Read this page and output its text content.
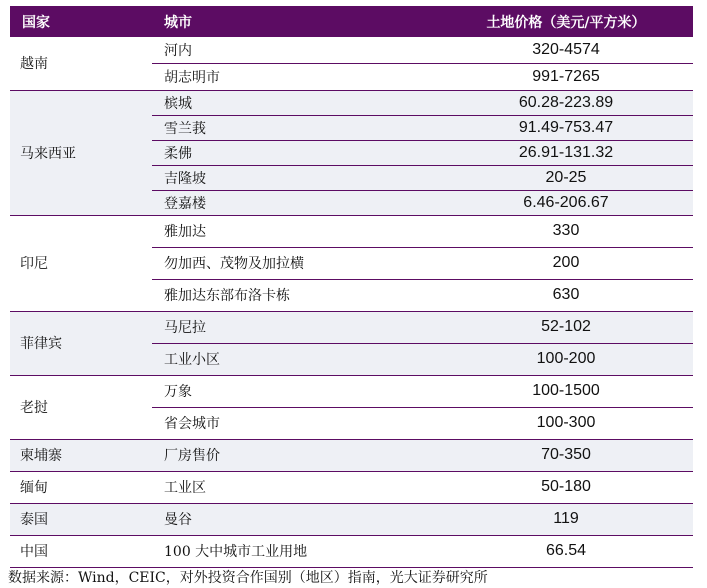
国家	城市	土地价格（美元/平方米）
越南	河内	320-4574
	胡志明市	991-7265
马来西亚	槟城	60.28-223.89
	雪兰莪	91.49-753.47
	柔佛	26.91-131.32
	吉隆坡	20-25
	登嘉楼	6.46-206.67
印尼	雅加达	330
	勿加西、茂物及加拉横	200
	雅加达东部布洛卡栋	630
菲律宾	马尼拉	52-102
	工业小区	100-200
老挝	万象	100-1500
	省会城市	100-300
柬埔寨	厂房售价	70-350
缅甸	工业区	50-180
泰国	曼谷	119
中国	100 大中城市工业用地	66.54
数据来源：Wind，CEIC，对外投资合作国别（地区）指南，光大证券研究所
